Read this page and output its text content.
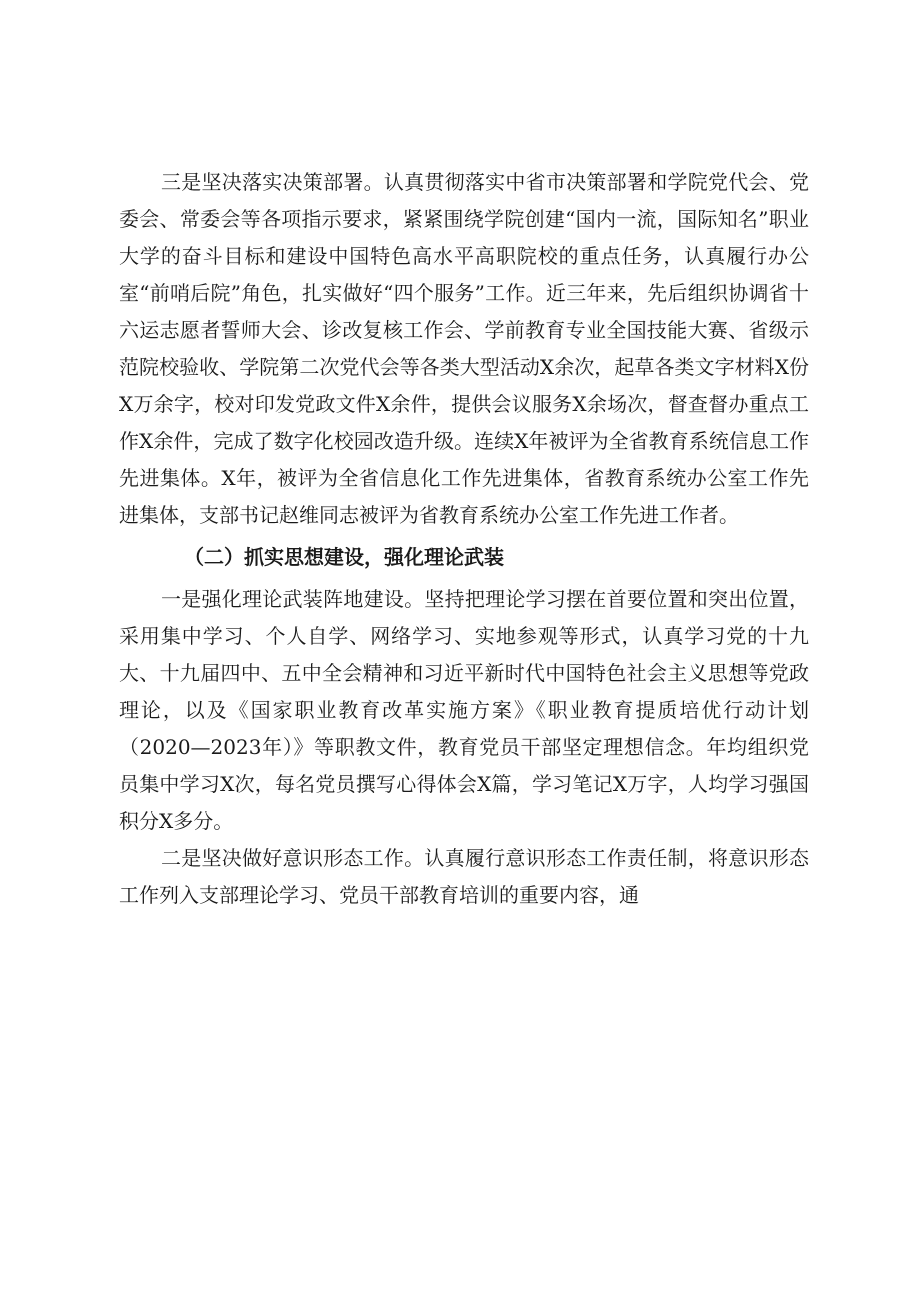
三是坚决落实决策部署。认真贯彻落实中省市决策部署和学院党代会、党委会、常委会等各项指示要求，紧紧围绕学院创建“国内一流，国际知名”职业大学的奋斗目标和建设中国特色高水平高职院校的重点任务，认真履行办公室“前哨后院”角色，扎实做好“四个服务”工作。近三年来，先后组织协调省十六运志愿者誓师大会、诊改复核工作会、学前教育专业全国技能大赛、省级示范院校验收、学院第二次党代会等各类大型活动X余次，起草各类文字材料X份X万余字，校对印发党政文件X余件，提供会议服务X余场次，督查督办重点工作X余件，完成了数字化校园改造升级。连续X年被评为全省教育系统信息工作先进集体。X年，被评为全省信息化工作先进集体，省教育系统办公室工作先进集体，支部书记赵维同志被评为省教育系统办公室工作先进工作者。

（二）抓实思想建设，强化理论武装

一是强化理论武装阵地建设。坚持把理论学习摆在首要位置和突出位置，采用集中学习、个人自学、网络学习、实地参观等形式，认真学习党的十九大、十九届四中、五中全会精神和习近平新时代中国特色社会主义思想等党政理论，以及《国家职业教育改革实施方案》《职业教育提质培优行动计划（2020—2023年）》等职教文件，教育党员干部坚定理想信念。年均组织党员集中学习X次，每名党员撰写心得体会X篇，学习笔记X万字，人均学习强国积分X多分。

二是坚决做好意识形态工作。认真履行意识形态工作责任制，将意识形态工作列入支部理论学习、党员干部教育培训的重要内容，通
